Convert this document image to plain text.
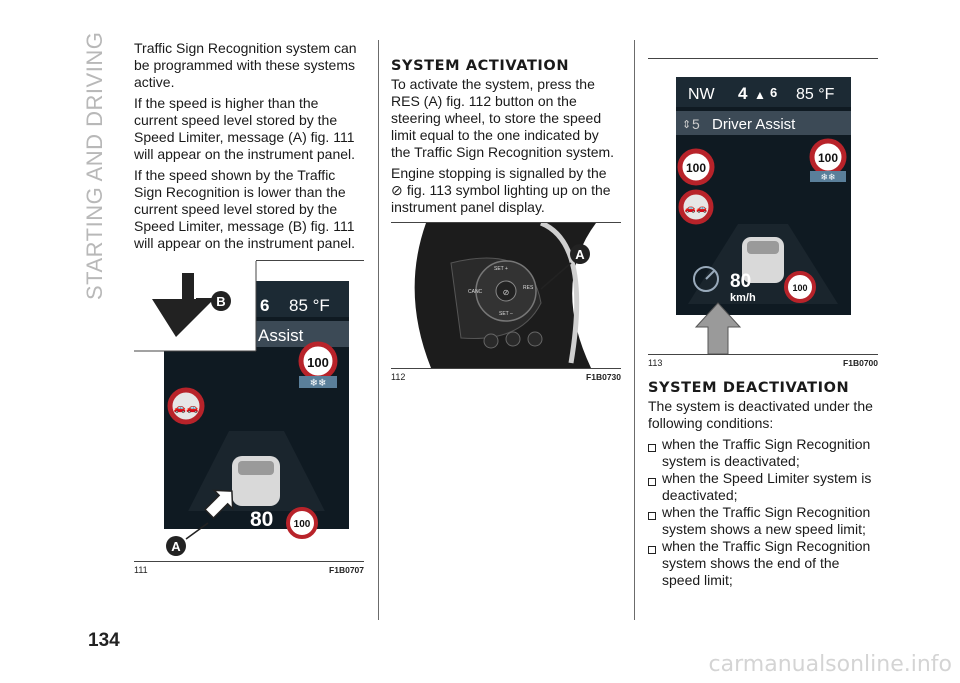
STARTING AND DRIVING Traffic Sign Recognition system can be programmed with these systems active.

If the speed is higher than the current speed level stored by the Speed Limiter, message (A) fig. 111 will appear on the instrument panel.

If the speed shown by the Traffic Sign Recognition is lower than the current speed level stored by the Speed Limiter, message (B) fig. 111 will appear on the instrument panel.

6 85 °F
Assist
100
❄❄
🚗🚗
80 100
B
A
111	F1B0707
SYSTEM ACTIVATION

To activate the system, press the RES (A) fig. 112 button on the steering wheel, to store the speed limit equal to the one indicated by the Traffic Sign Recognition system.

Engine stopping is signalled by the
⊘ fig. 113 symbol lighting up on the instrument panel display.

⊘
SET +
CANC
RES
SET –
A
112	F1B0730
NW 4 ▲ 6 85 °F
⇕ 5 Driver Assist
100
100
❄❄
🚗🚗
80
km/h
100
113	F1B0700
SYSTEM DEACTIVATION

The system is deactivated under the following conditions:

when the Traffic Sign Recognition system is deactivated;
when the Speed Limiter system is deactivated;
when the Traffic Sign Recognition system shows a new speed limit;
when the Traffic Sign Recognition system shows the end of the speed limit;
134
carmanualsonline.info
